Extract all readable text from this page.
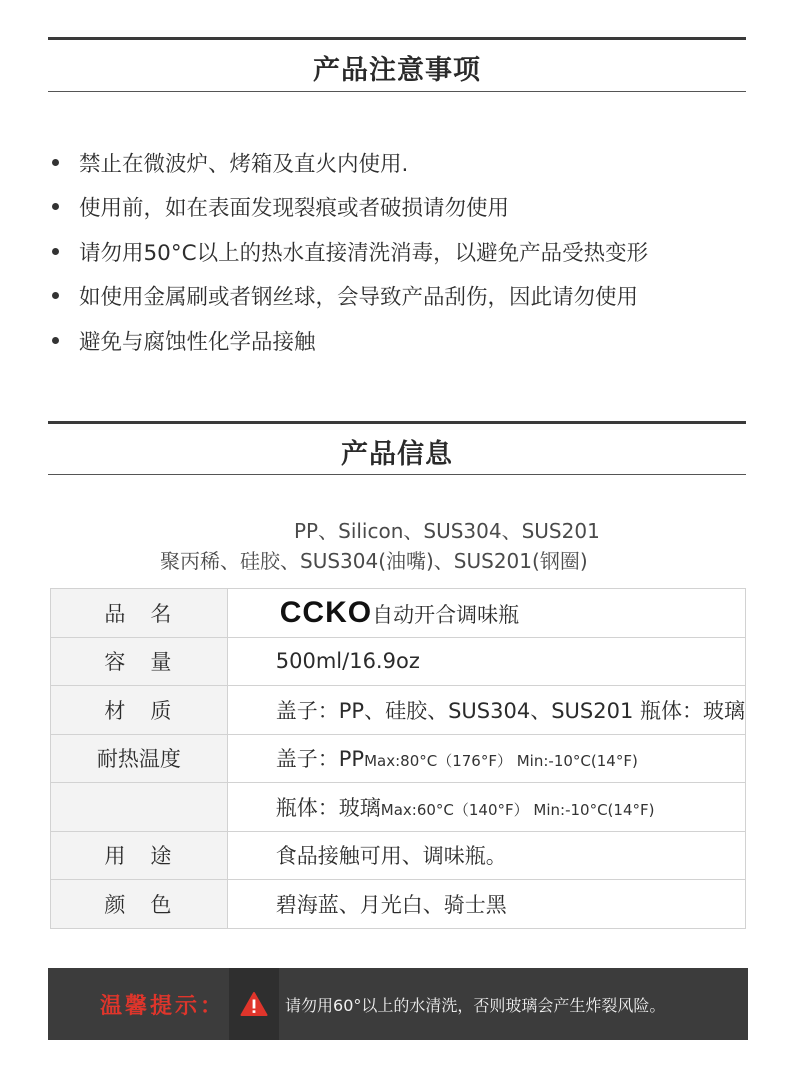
产品注意事项
禁止在微波炉、烤箱及直火内使用.
使用前，如在表面发现裂痕或者破损请勿使用
请勿用50°C以上的热水直接清洗消毒，以避免产品受热变形
如使用金属刷或者钢丝球，会导致产品刮伤，因此请勿使用
避免与腐蚀性化学品接触
产品信息
PP、Silicon、SUS304、SUS201
聚丙稀、硅胶、SUS304(油嘴)、SUS201(钢圈)
品　名	CCKO自动开合调味瓶
容　量	500ml/16.9oz
材　质	盖子：PP、硅胶、SUS304、SUS201 瓶体：玻璃
耐热温度	盖子：PPMax:80°C（176°F） Min:-10°C(14°F)
	瓶体：玻璃Max:60°C（140°F） Min:-10°C(14°F)
用　途	食品接触可用、调味瓶。
颜　色	碧海蓝、月光白、骑士黑
温馨提示：	请勿用60°以上的水清洗，否则玻璃会产生炸裂风险。
